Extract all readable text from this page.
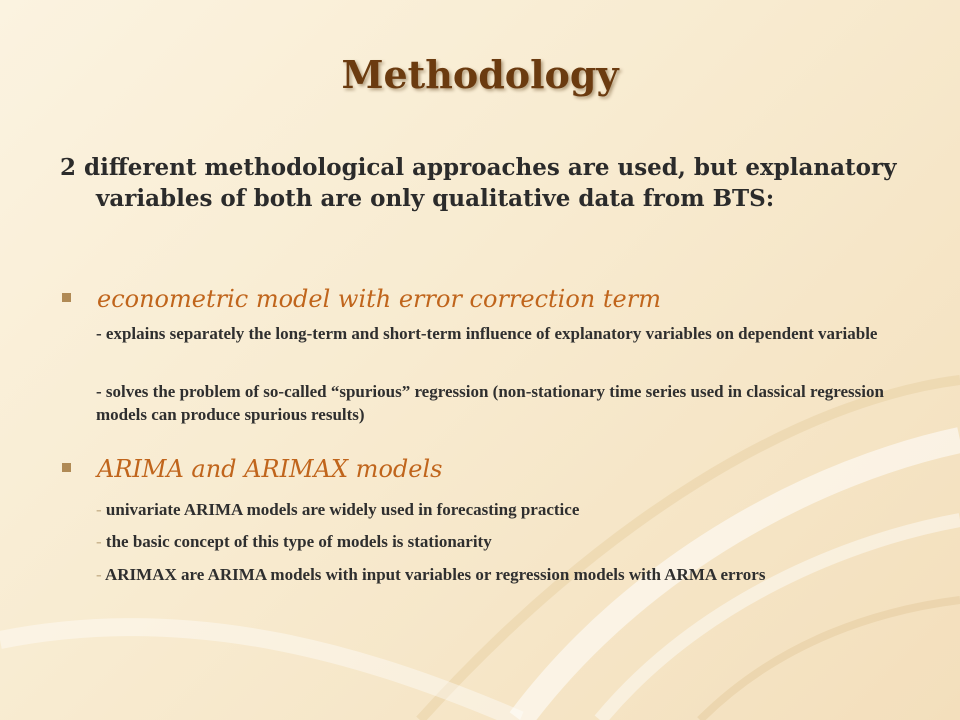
Methodology
2 different methodological approaches are used, but explanatory variables of both are only qualitative data from BTS:
econometric model with error correction term
- explains separately the long-term and short-term influence of explanatory variables on dependent variable
- solves the problem of so-called “spurious” regression (non-stationary time series used in classical regression models can produce spurious results)
ARIMA and ARIMAX models
- univariate ARIMA models are widely used in forecasting practice
- the basic concept of this type of models is stationarity
- ARIMAX are ARIMA models with input variables or regression models with ARMA errors
